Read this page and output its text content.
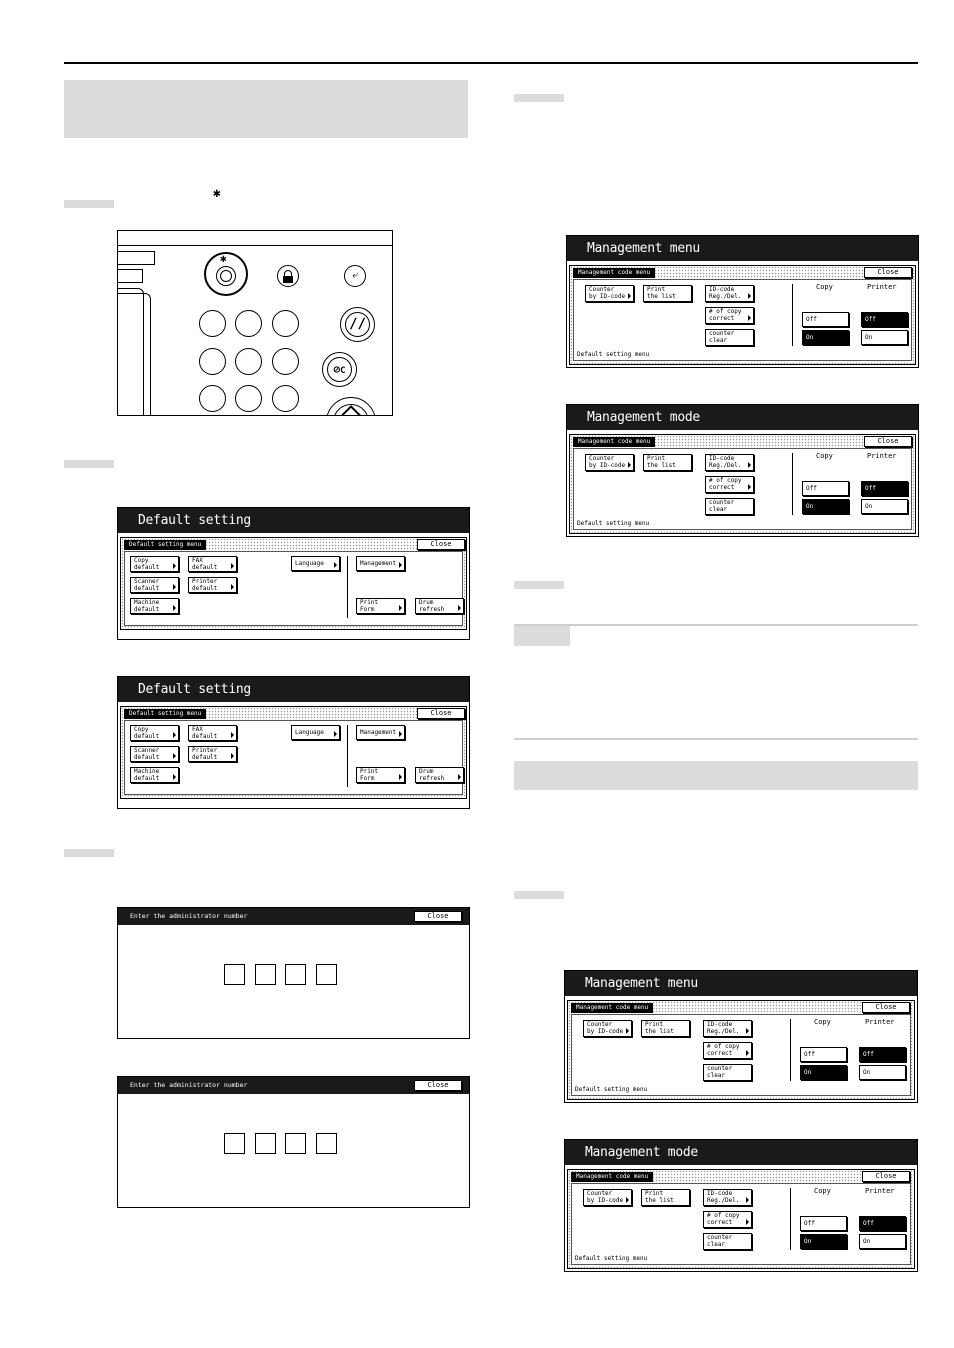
✱
✱
⤶
∕∕
⊘C
Default setting
Default setting menu	Close
Copy
default
FAX
default	Language	Management
Scanner
default
Printer
default
Machine
default
Print
Form
Drum
refresh
Default setting
Default setting menu	Close
Copy
default
FAX
default	Language	Management
Scanner
default
Printer
default
Machine
default
Print
Form
Drum
refresh
Enter the administrator number	Close
Enter the administrator number	Close
Management menu
Management code menu	Close
Counter
by ID-code
Print
the list
ID-code
Reg./Del.
# of copy
correct
counter
clear
Copy	Printer
Off
On
Off
On
Default setting menu
Management mode
Management code menu	Close
Counter
by ID-code
Print
the list
ID-code
Reg./Del.
# of copy
correct
counter
clear
Copy	Printer
Off
On
Off
On
Default setting menu
Management menu
Management code menu	Close
Counter
by ID-code
Print
the list
ID-code
Reg./Del.
# of copy
correct
counter
clear
Copy	Printer
Off
On
Off
On
Default setting menu
Management mode
Management code menu	Close
Counter
by ID-code
Print
the list
ID-code
Reg./Del.
# of copy
correct
counter
clear
Copy	Printer
Off
On
Off
On
Default setting menu
